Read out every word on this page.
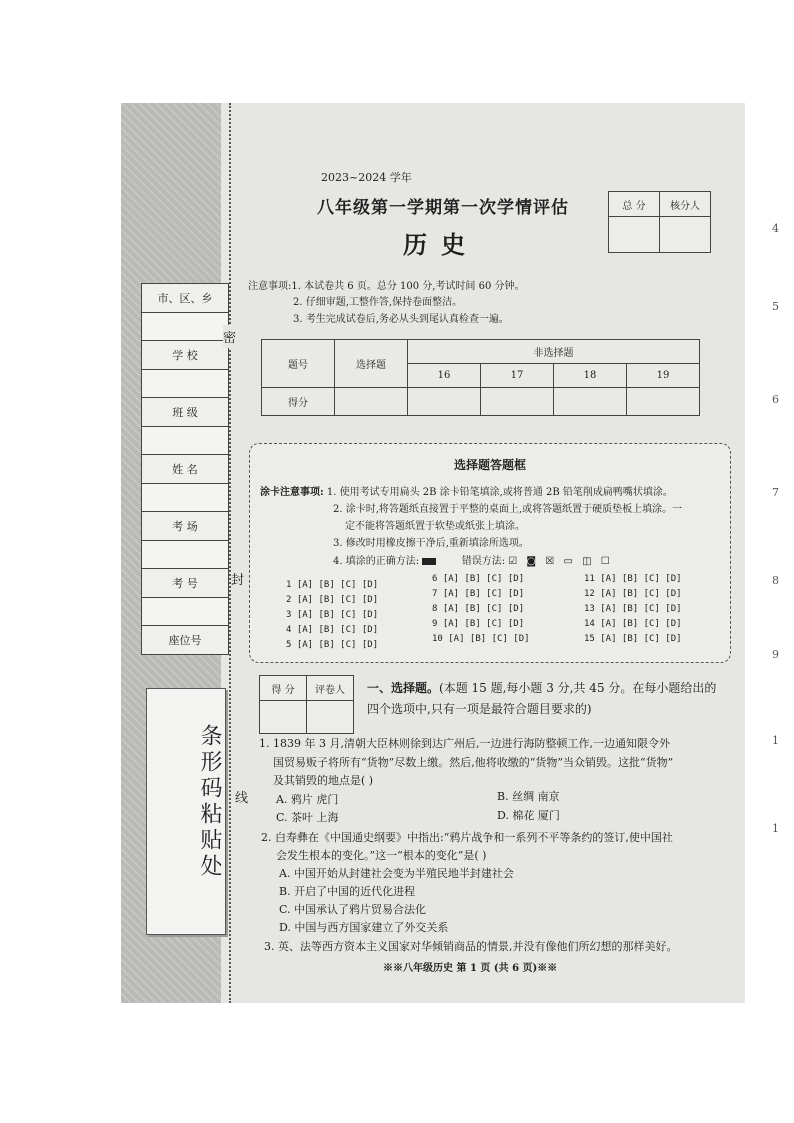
市、区、乡

学 校

班 级

姓 名

考 场

考 号

座位号
条形码粘贴处
密
封
线
2023~2024 学年
八年级第一学期第一次学情评估
历史
总 分	核分人

注意事项:1. 本试卷共 6 页。总分 100 分,考试时间 60 分钟。
2. 仔细审题,工整作答,保持卷面整洁。
3. 考生完成试卷后,务必从头到尾认真检查一遍。
题号	选择题	非选择题			
		16	17	18	19
得分					
选择题答题框
涂卡注意事项: 1. 使用考试专用扁头 2B 涂卡铅笔填涂,或将普通 2B 铅笔削成扁鸭嘴状填涂。
2. 涂卡时,将答题纸直接置于平整的桌面上,或将答题纸置于硬质垫板上填涂。一
定不能将答题纸置于软垫或纸张上填涂。
3. 修改时用橡皮擦干净后,重新填涂所选项。
4. 填涂的正确方法:	错误方法: ☑ ◙ ☒ ▭ ◫ ☐
1 [A] [B] [C] [D]
2 [A] [B] [C] [D]
3 [A] [B] [C] [D]
4 [A] [B] [C] [D]
5 [A] [B] [C] [D]
6 [A] [B] [C] [D]
7 [A] [B] [C] [D]
8 [A] [B] [C] [D]
9 [A] [B] [C] [D]
10 [A] [B] [C] [D]
11 [A] [B] [C] [D]
12 [A] [B] [C] [D]
13 [A] [B] [C] [D]
14 [A] [B] [C] [D]
15 [A] [B] [C] [D]
得 分	评卷人
	一、选择题。(本题 15 题,每小题 3 分,共 45 分。在每小题给出的
四个选项中,只有一项是最符合题目要求的)
1. 1839 年 3 月,清朝大臣林则徐到达广州后,一边进行海防整顿工作,一边通知限令外
国贸易贩子将所有“货物”尽数上缴。然后,他将收缴的“货物”当众销毁。这批“货物”
及其销毁的地点是( )
A. 鸦片 虎门	B. 丝绸 南京
C. 茶叶 上海	D. 棉花 厦门
2. 白寿彝在《中国通史纲要》中指出:“鸦片战争和一系列不平等条约的签订,使中国社
会发生根本的变化。”这一“根本的变化”是( )
A. 中国开始从封建社会变为半殖民地半封建社会
B. 开启了中国的近代化进程
C. 中国承认了鸦片贸易合法化
D. 中国与西方国家建立了外交关系
3. 英、法等西方资本主义国家对华倾销商品的情景,并没有像他们所幻想的那样美好。
※※八年级历史 第 1 页 (共 6 页)※※
4
5
6
7
8
9
1
1
